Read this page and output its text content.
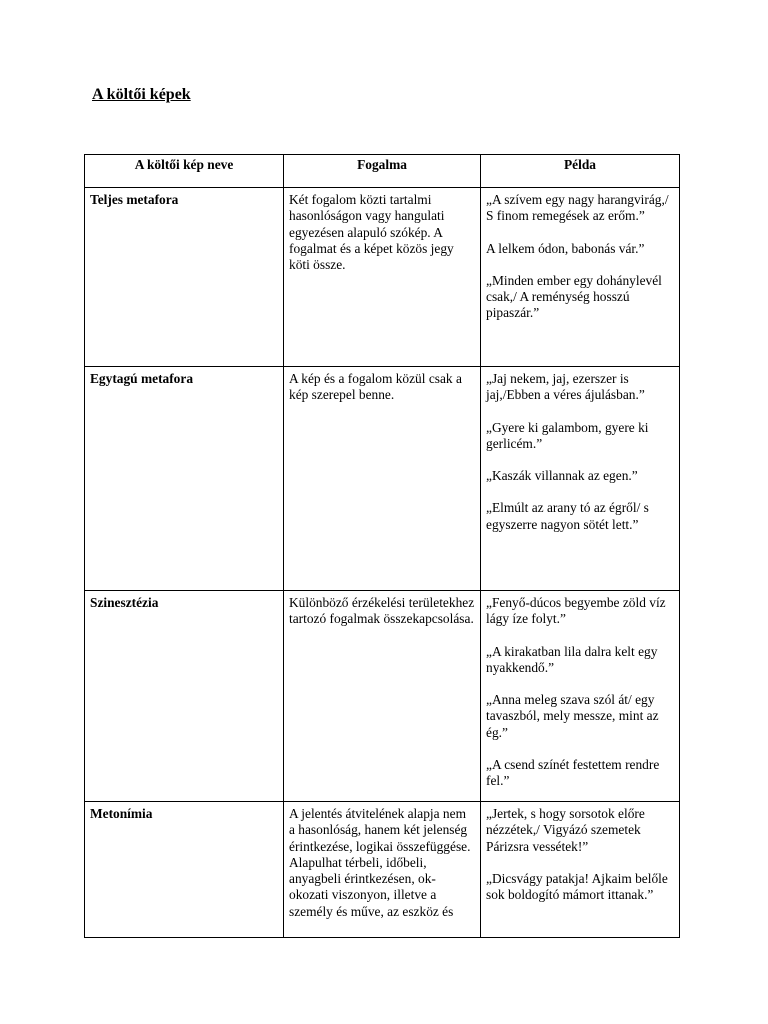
A költői képek
A költői kép neve	Fogalma	Példa
Teljes metafora	Két fogalom közti tartalmi hasonlóságon vagy hangulati egyezésen alapuló szókép. A fogalmat és a képet közös jegy köti össze.	„A szívem egy nagy harangvirág,/ S finom remegések az erőm.”

A lelkem ódon, babonás vár.”

„Minden ember egy dohánylevél csak,/ A reménység hosszú pipaszár.”

Egytagú metafora	A kép és a fogalom közül csak a kép szerepel benne.	„Jaj nekem, jaj, ezerszer is jaj,/Ebben a véres ájulásban.”

„Gyere ki galambom, gyere ki gerlicém.”

„Kaszák villannak az egen.”

„Elmúlt az arany tó az égről/ s egyszerre nagyon sötét lett.”

Szinesztézia	Különböző érzékelési területekhez tartozó fogalmak összekapcsolása.	„Fenyő-dúcos begyembe zöld víz lágy íze folyt.”

„A kirakatban lila dalra kelt egy nyakkendő.”

„Anna meleg szava szól át/ egy tavaszból, mely messze, mint az ég.”

„A csend színét festettem rendre fel.”

Metonímia	A jelentés átvitelének alapja nem a hasonlóság, hanem két jelenség érintkezése, logikai összefüggése. Alapulhat térbeli, időbeli, anyagbeli érintkezésen, ok-okozati viszonyon, illetve a személy és műve, az eszköz és	„Jertek, s hogy sorsotok előre nézzétek,/ Vigyázó szemetek Párizsra vessétek!”

„Dicsvágy patakja! Ajkaim belőle sok boldogító mámort ittanak.”
